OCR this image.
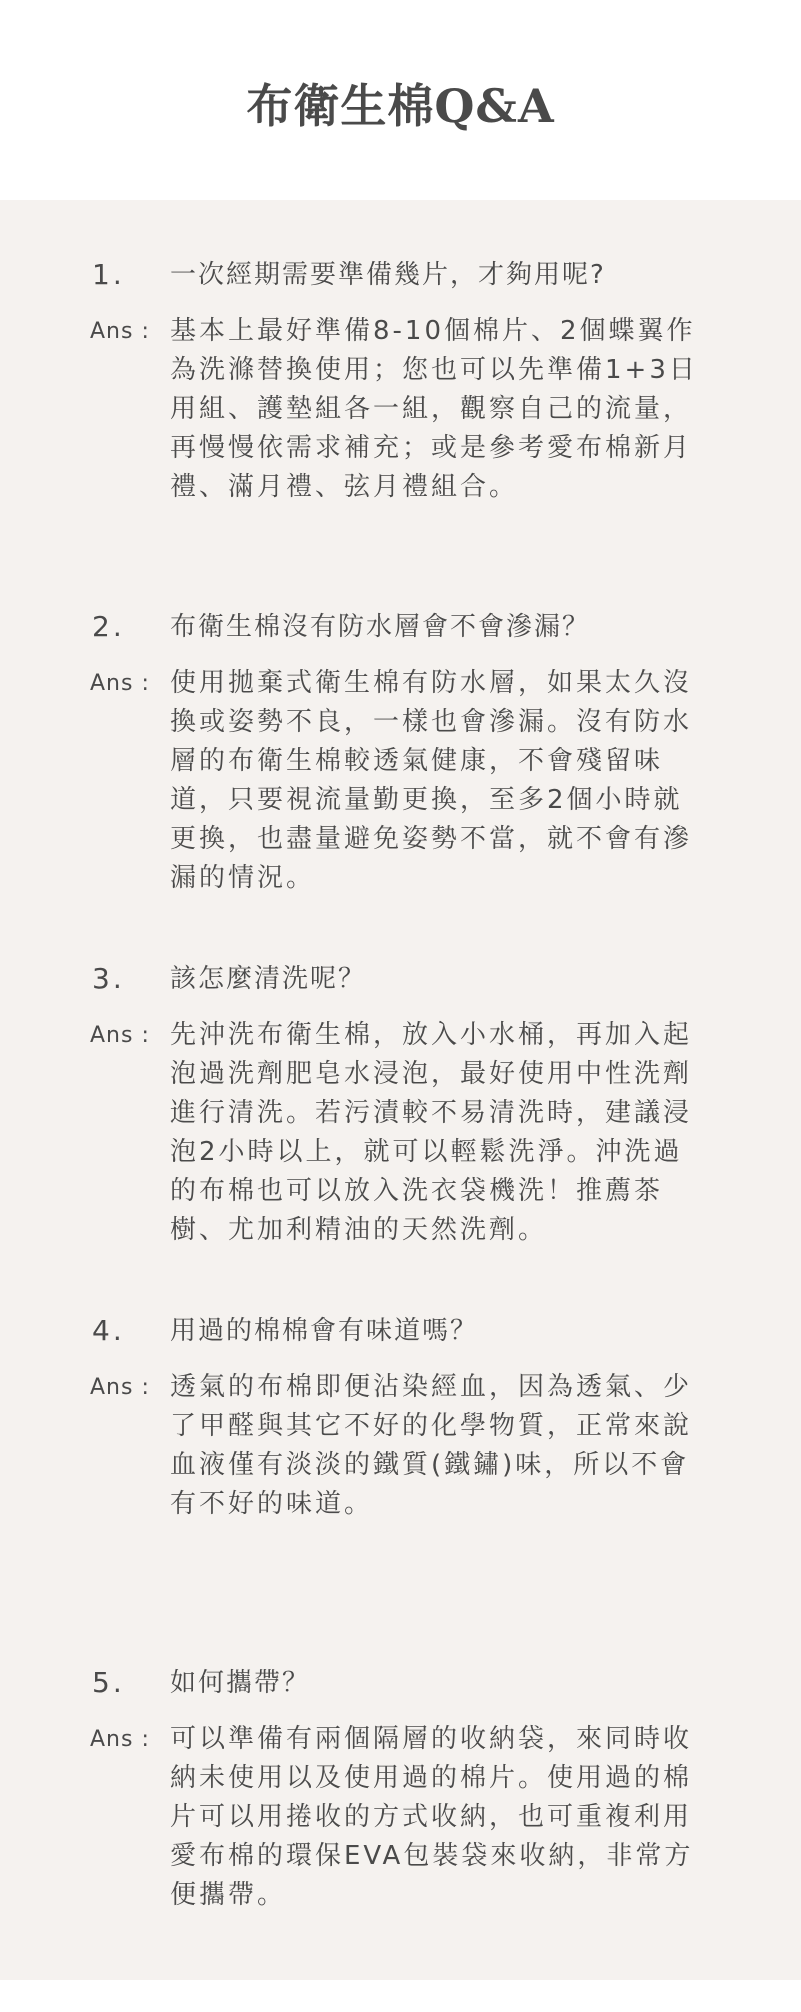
布衛生棉Q&A
1. 一次經期需要準備幾片，才夠用呢?
Ans : 基本上最好準備8-10個棉片、2個蝶翼作為洗滌替換使用；您也可以先準備1+3日用組、護墊組各一組，觀察自己的流量，再慢慢依需求補充；或是參考愛布棉新月禮、滿月禮、弦月禮組合。

2. 布衛生棉沒有防水層會不會滲漏？
Ans : 使用拋棄式衛生棉有防水層，如果太久沒換或姿勢不良，一樣也會滲漏。沒有防水層的布衛生棉較透氣健康，不會殘留味道，只要視流量勤更換，至多2個小時就更換，也盡量避免姿勢不當，就不會有滲漏的情況。

3. 該怎麼清洗呢？
Ans : 先沖洗布衛生棉，放入小水桶，再加入起泡過洗劑肥皂水浸泡，最好使用中性洗劑進行清洗。若污漬較不易清洗時，建議浸泡2小時以上，就可以輕鬆洗淨。沖洗過的布棉也可以放入洗衣袋機洗！推薦茶樹、尤加利精油的天然洗劑。

4. 用過的棉棉會有味道嗎？
Ans : 透氣的布棉即便沾染經血，因為透氣、少了甲醛與其它不好的化學物質，正常來說血液僅有淡淡的鐵質(鐵鏽)味，所以不會有不好的味道。

5. 如何攜帶？
Ans : 可以準備有兩個隔層的收納袋，來同時收納未使用以及使用過的棉片。使用過的棉片可以用捲收的方式收納，也可重複利用愛布棉的環保EVA包裝袋來收納，非常方便攜帶。
